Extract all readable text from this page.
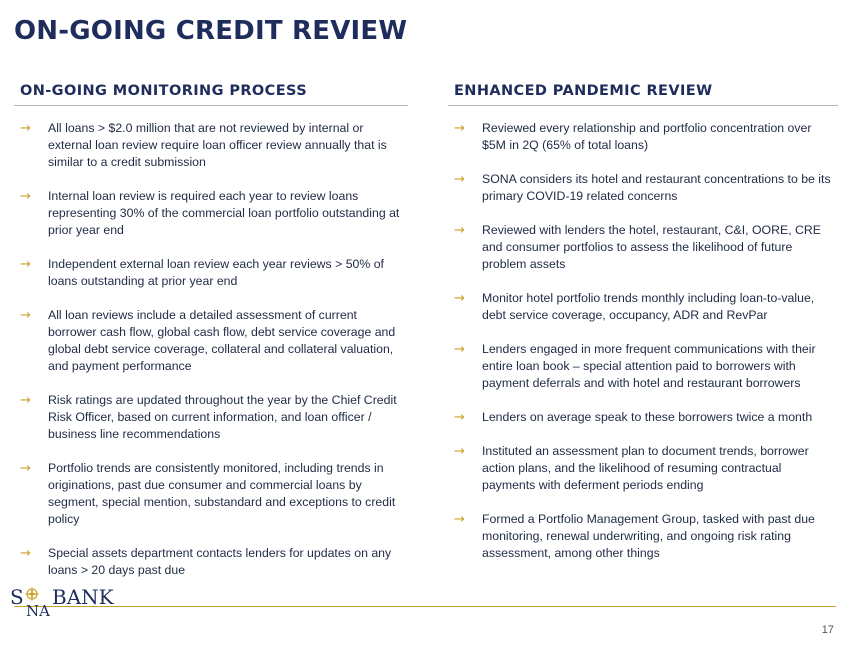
ON-GOING CREDIT REVIEW
ON-GOING MONITORING PROCESS
→ All loans > $2.0 million that are not reviewed by internal or external loan review require loan officer review annually that is similar to a credit submission
→ Internal loan review is required each year to review loans representing 30% of the commercial loan portfolio outstanding at prior year end
→ Independent external loan review each year reviews > 50% of loans outstanding at prior year end
→ All loan reviews include a detailed assessment of current borrower cash flow, global cash flow, debt service coverage and global debt service coverage, collateral and collateral valuation, and payment performance
→ Risk ratings are updated throughout the year by the Chief Credit Risk Officer, based on current information, and loan officer / business line recommendations
→ Portfolio trends are consistently monitored, including trends in originations, past due consumer and commercial loans by segment, special mention, substandard and exceptions to credit policy
→ Special assets department contacts lenders for updates on any loans > 20 days past due
ENHANCED PANDEMIC REVIEW
→ Reviewed every relationship and portfolio concentration over $5M in 2Q (65% of total loans)
→ SONA considers its hotel and restaurant concentrations to be its primary COVID-19 related concerns
→ Reviewed with lenders the hotel, restaurant, C&I, OORE, CRE and consumer portfolios to assess the likelihood of future problem assets
→ Monitor hotel portfolio trends monthly including loan-to-value, debt service coverage, occupancy, ADR and RevPar
→ Lenders engaged in more frequent communications with their entire loan book – special attention paid to borrowers with payment deferrals and with hotel and restaurant borrowers
→ Lenders on average speak to these borrowers twice a month
→ Instituted an assessment plan to document trends, borrower action plans, and the likelihood of resuming contractual payments with deferment periods ending
→ Formed a Portfolio Management Group, tasked with past due monitoring, renewal underwriting, and ongoing risk rating assessment, among other things
S
NA
BANK
17
